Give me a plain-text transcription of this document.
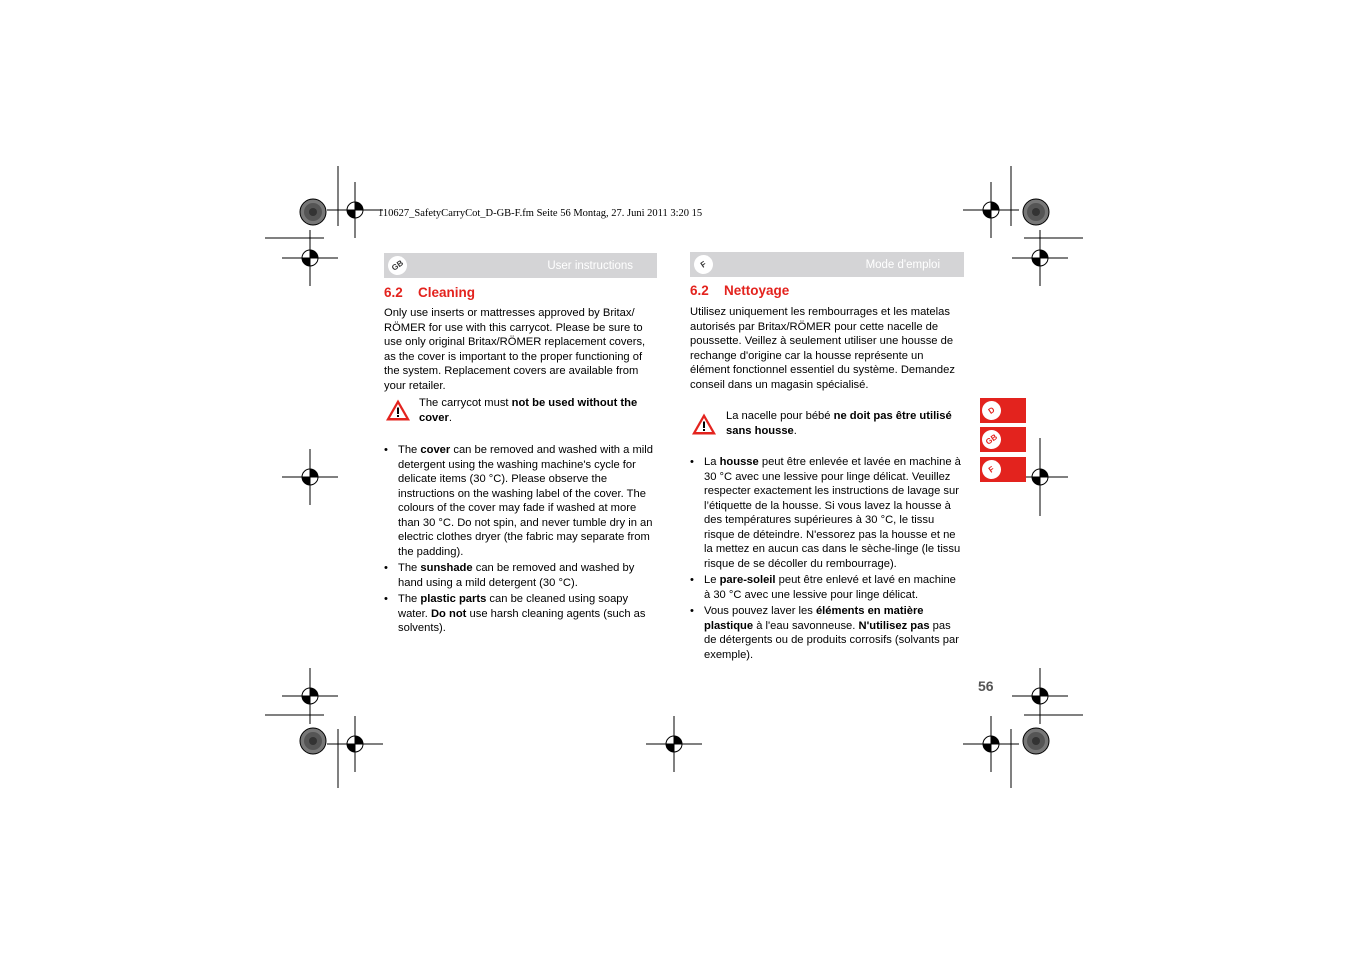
110627_SafetyCarryCot_D-GB-F.fm Seite 56 Montag, 27. Juni 2011 3:20 15
GB	User instructions
6.2 Cleaning

Only use inserts or mattresses approved by Britax/ RÖMER for use with this carrycot. Please be sure to use only original Britax/RÖMER replacement covers, as the cover is important to the proper functioning of the system. Replacement covers are available from your retailer.

The carrycot must not be used without the cover.
• The cover can be removed and washed with a mild detergent using the washing machine's cycle for delicate items (30 °C). Please observe the instructions on the washing label of the cover. The colours of the cover may fade if washed at more than 30 °C. Do not spin, and never tumble dry in an electric clothes dryer (the fabric may separate from the padding).
• The sunshade can be removed and washed by hand using a mild detergent (30 °C).
• The plastic parts can be cleaned using soapy water. Do not use harsh cleaning agents (such as solvents).
F	Mode d'emploi
6.2 Nettoyage

Utilisez uniquement les rembourrages et les matelas autorisés par Britax/RÖMER pour cette nacelle de poussette. Veillez à seulement utiliser une housse de rechange d'origine car la housse représente un élément fonctionnel essentiel du système. Demandez conseil dans un magasin spécialisé.

La nacelle pour bébé ne doit pas être utilisé sans housse.
• La housse peut être enlevée et lavée en machine à 30 °C avec une lessive pour linge délicat. Veuillez respecter exactement les instructions de lavage sur l’étiquette de la housse. Si vous lavez la housse à des températures supérieures à 30 °C, le tissu risque de déteindre. N'essorez pas la housse et ne la mettez en aucun cas dans le sèche-linge (le tissu risque de se décoller du rembourrage).
• Le pare-soleil peut être enlevé et lavé en machine à 30 °C avec une lessive pour linge délicat.
• Vous pouvez laver les éléments en matière plastique à l'eau savonneuse. N'utilisez pas pas de détergents ou de produits corrosifs (solvants par exemple).
D
GB
F
56
